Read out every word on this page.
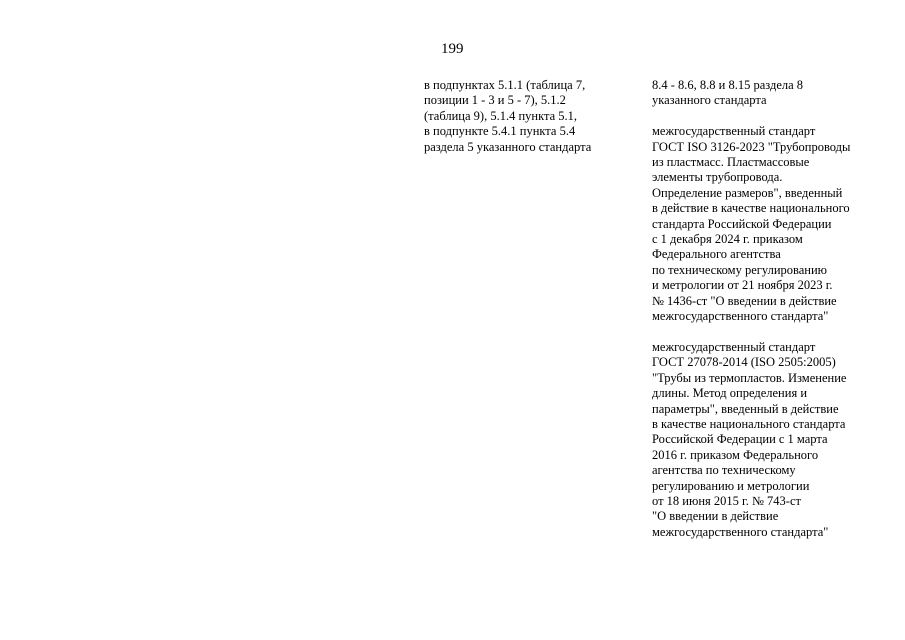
199
в подпунктах 5.1.1 (таблица 7,
позиции 1 - 3 и 5 - 7), 5.1.2
(таблица 9), 5.1.4 пункта 5.1,
в подпункте 5.4.1 пункта 5.4
раздела 5 указанного стандарта
8.4 - 8.6, 8.8 и 8.15 раздела 8
указанного стандарта
межгосударственный стандарт
ГОСТ ISO 3126-2023 "Трубопроводы
из пластмасс. Пластмассовые
элементы трубопровода.
Определение размеров", введенный
в действие в качестве национального
стандарта Российской Федерации
с 1 декабря 2024 г. приказом
Федерального агентства
по техническому регулированию
и метрологии от 21 ноября 2023 г.
№ 1436-ст "О введении в действие
межгосударственного стандарта"
межгосударственный стандарт
ГОСТ 27078-2014 (ISO 2505:2005)
"Трубы из термопластов. Изменение
длины. Метод определения и
параметры", введенный в действие
в качестве национального стандарта
Российской Федерации с 1 марта
2016 г. приказом Федерального
агентства по техническому
регулированию и метрологии
от 18 июня 2015 г. № 743-ст
"О введении в действие
межгосударственного стандарта"
